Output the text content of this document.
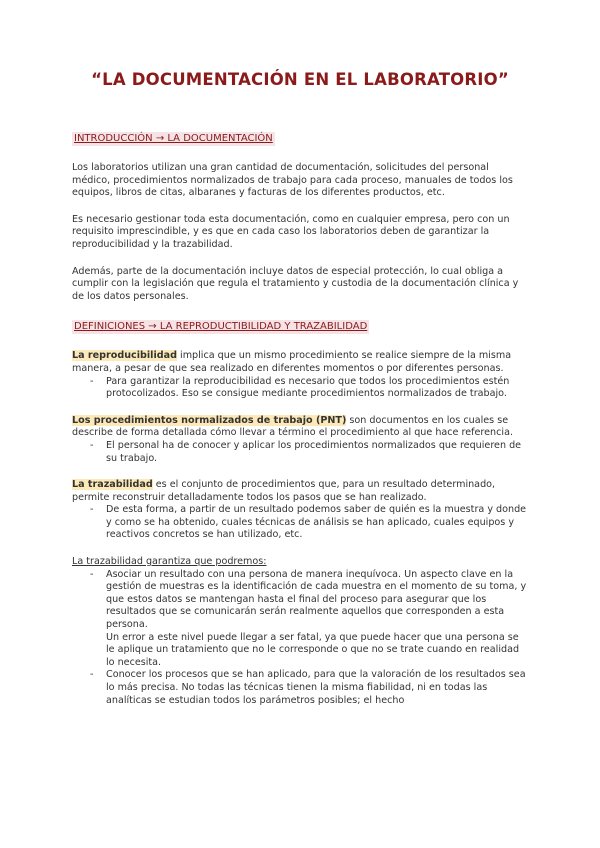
“LA DOCUMENTACIÓN EN EL LABORATORIO”
INTRODUCCIÓN → LA DOCUMENTACIÓN

Los laboratorios utilizan una gran cantidad de documentación, solicitudes del personal médico, procedimientos normalizados de trabajo para cada proceso, manuales de todos los equipos, libros de citas, albaranes y facturas de los diferentes productos, etc.

Es necesario gestionar toda esta documentación, como en cualquier empresa, pero con un requisito imprescindible, y es que en cada caso los laboratorios deben de garantizar la reproducibilidad y la trazabilidad.

Además, parte de la documentación incluye datos de especial protección, lo cual obliga a cumplir con la legislación que regula el tratamiento y custodia de la documentación clínica y de los datos personales.

DEFINICIONES → LA REPRODUCTIBILIDAD Y TRAZABILIDAD

La reproducibilidad implica que un mismo procedimiento se realice siempre de la misma manera, a pesar de que sea realizado en diferentes momentos o por diferentes personas.

- Para garantizar la reproducibilidad es necesario que todos los procedimientos estén protocolizados. Eso se consigue mediante procedimientos normalizados de trabajo.

Los procedimientos normalizados de trabajo (PNT) son documentos en los cuales se describe de forma detallada cómo llevar a término el procedimiento al que hace referencia.

- El personal ha de conocer y aplicar los procedimientos normalizados que requieren de su trabajo.

La trazabilidad es el conjunto de procedimientos que, para un resultado determinado, permite reconstruir detalladamente todos los pasos que se han realizado.

- De esta forma, a partir de un resultado podemos saber de quién es la muestra y donde y como se ha obtenido, cuales técnicas de análisis se han aplicado, cuales equipos y reactivos concretos se han utilizado, etc.

La trazabilidad garantiza que podremos:

- Asociar un resultado con una persona de manera inequívoca. Un aspecto clave en la gestión de muestras es la identificación de cada muestra en el momento de su toma, y que estos datos se mantengan hasta el final del proceso para asegurar que los resultados que se comunicarán serán realmente aquellos que corresponden a esta persona.
Un error a este nivel puede llegar a ser fatal, ya que puede hacer que una persona se le aplique un tratamiento que no le corresponde o que no se trate cuando en realidad lo necesita.
- Conocer los procesos que se han aplicado, para que la valoración de los resultados sea lo más precisa. No todas las técnicas tienen la misma fiabilidad, ni en todas las analíticas se estudian todos los parámetros posibles; el hecho
